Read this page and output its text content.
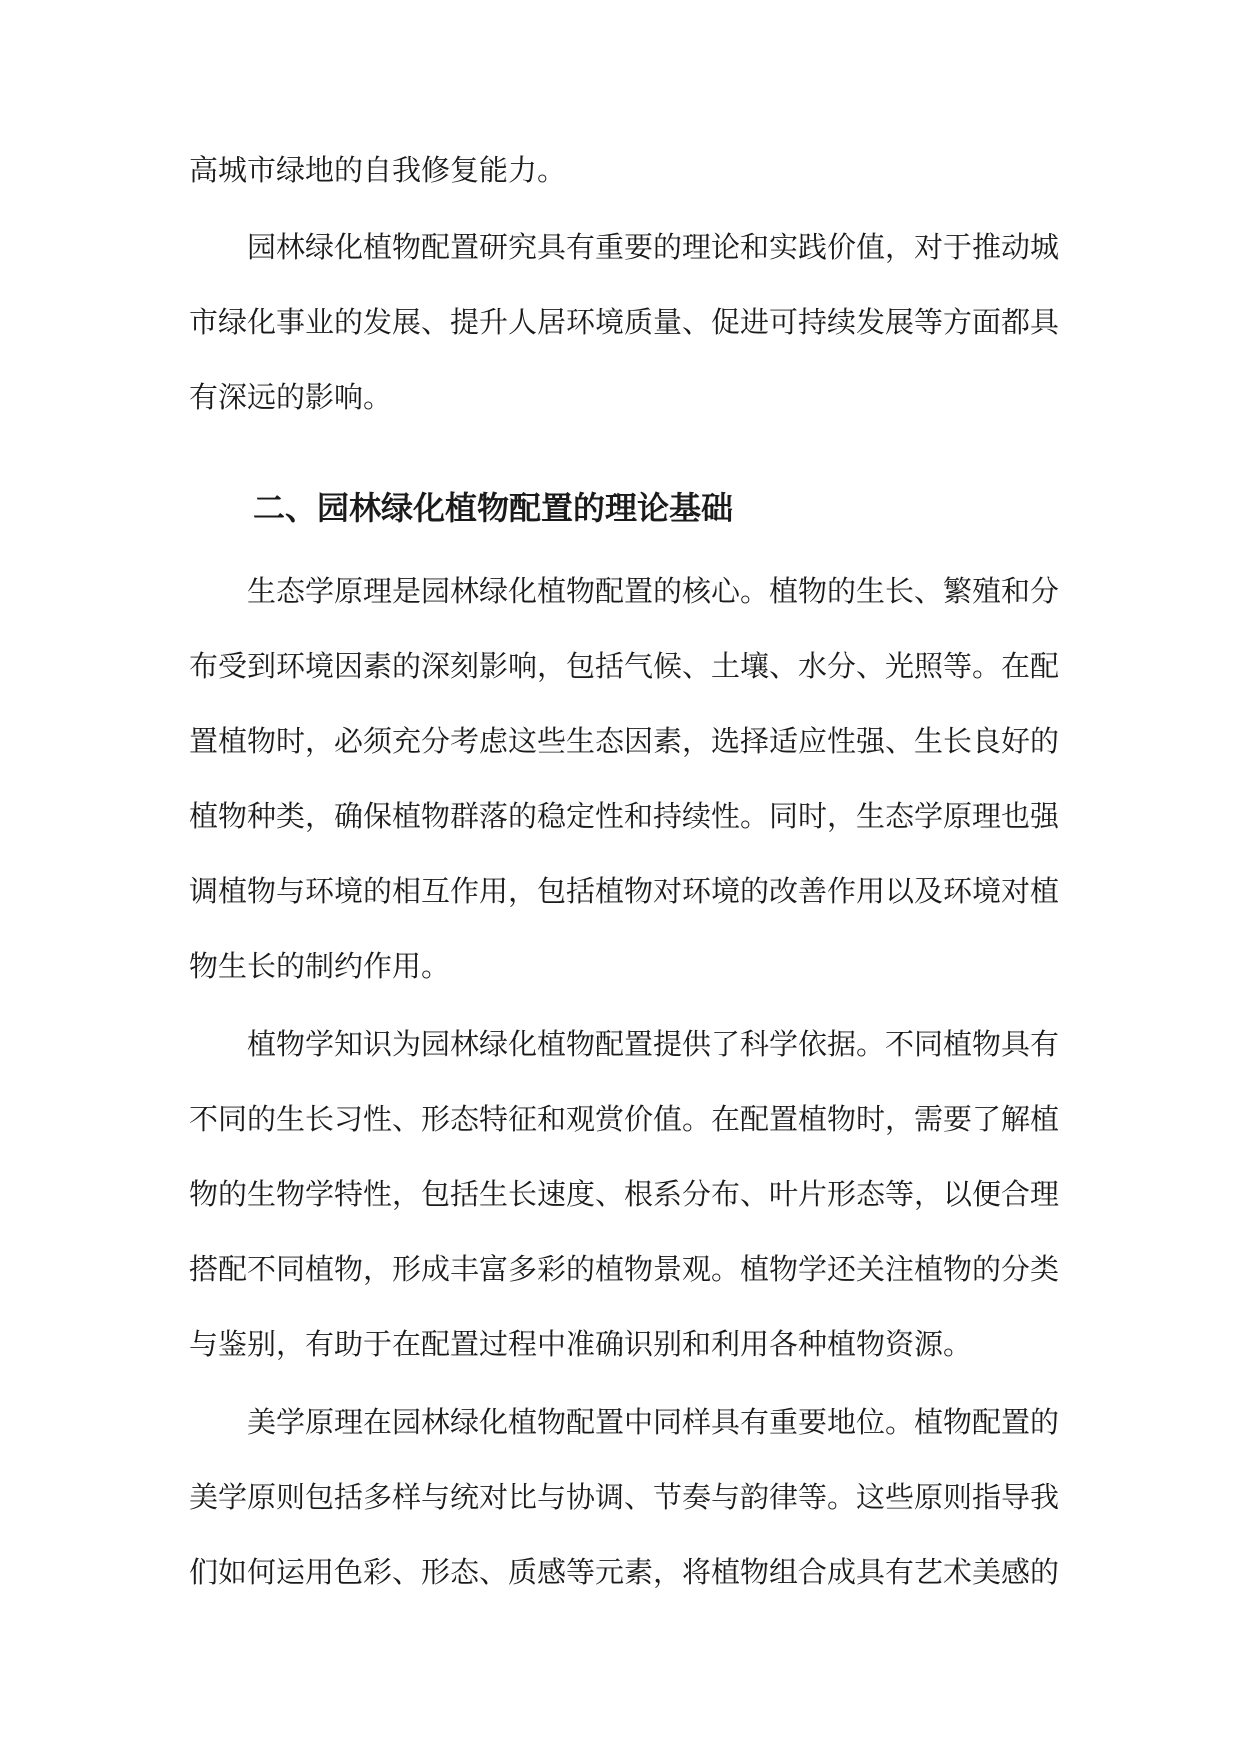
高城市绿地的自我修复能力。
园林绿化植物配置研究具有重要的理论和实践价值，对于推动城
市绿化事业的发展、提升人居环境质量、促进可持续发展等方面都具
有深远的影响。
二、园林绿化植物配置的理论基础
生态学原理是园林绿化植物配置的核心。植物的生长、繁殖和分
布受到环境因素的深刻影响，包括气候、土壤、水分、光照等。在配
置植物时，必须充分考虑这些生态因素，选择适应性强、生长良好的
植物种类，确保植物群落的稳定性和持续性。同时，生态学原理也强
调植物与环境的相互作用，包括植物对环境的改善作用以及环境对植
物生长的制约作用。
植物学知识为园林绿化植物配置提供了科学依据。不同植物具有
不同的生长习性、形态特征和观赏价值。在配置植物时，需要了解植
物的生物学特性，包括生长速度、根系分布、叶片形态等，以便合理
搭配不同植物，形成丰富多彩的植物景观。植物学还关注植物的分类
与鉴别，有助于在配置过程中准确识别和利用各种植物资源。
美学原理在园林绿化植物配置中同样具有重要地位。植物配置的
美学原则包括多样与统对比与协调、节奏与韵律等。这些原则指导我
们如何运用色彩、形态、质感等元素，将植物组合成具有艺术美感的
